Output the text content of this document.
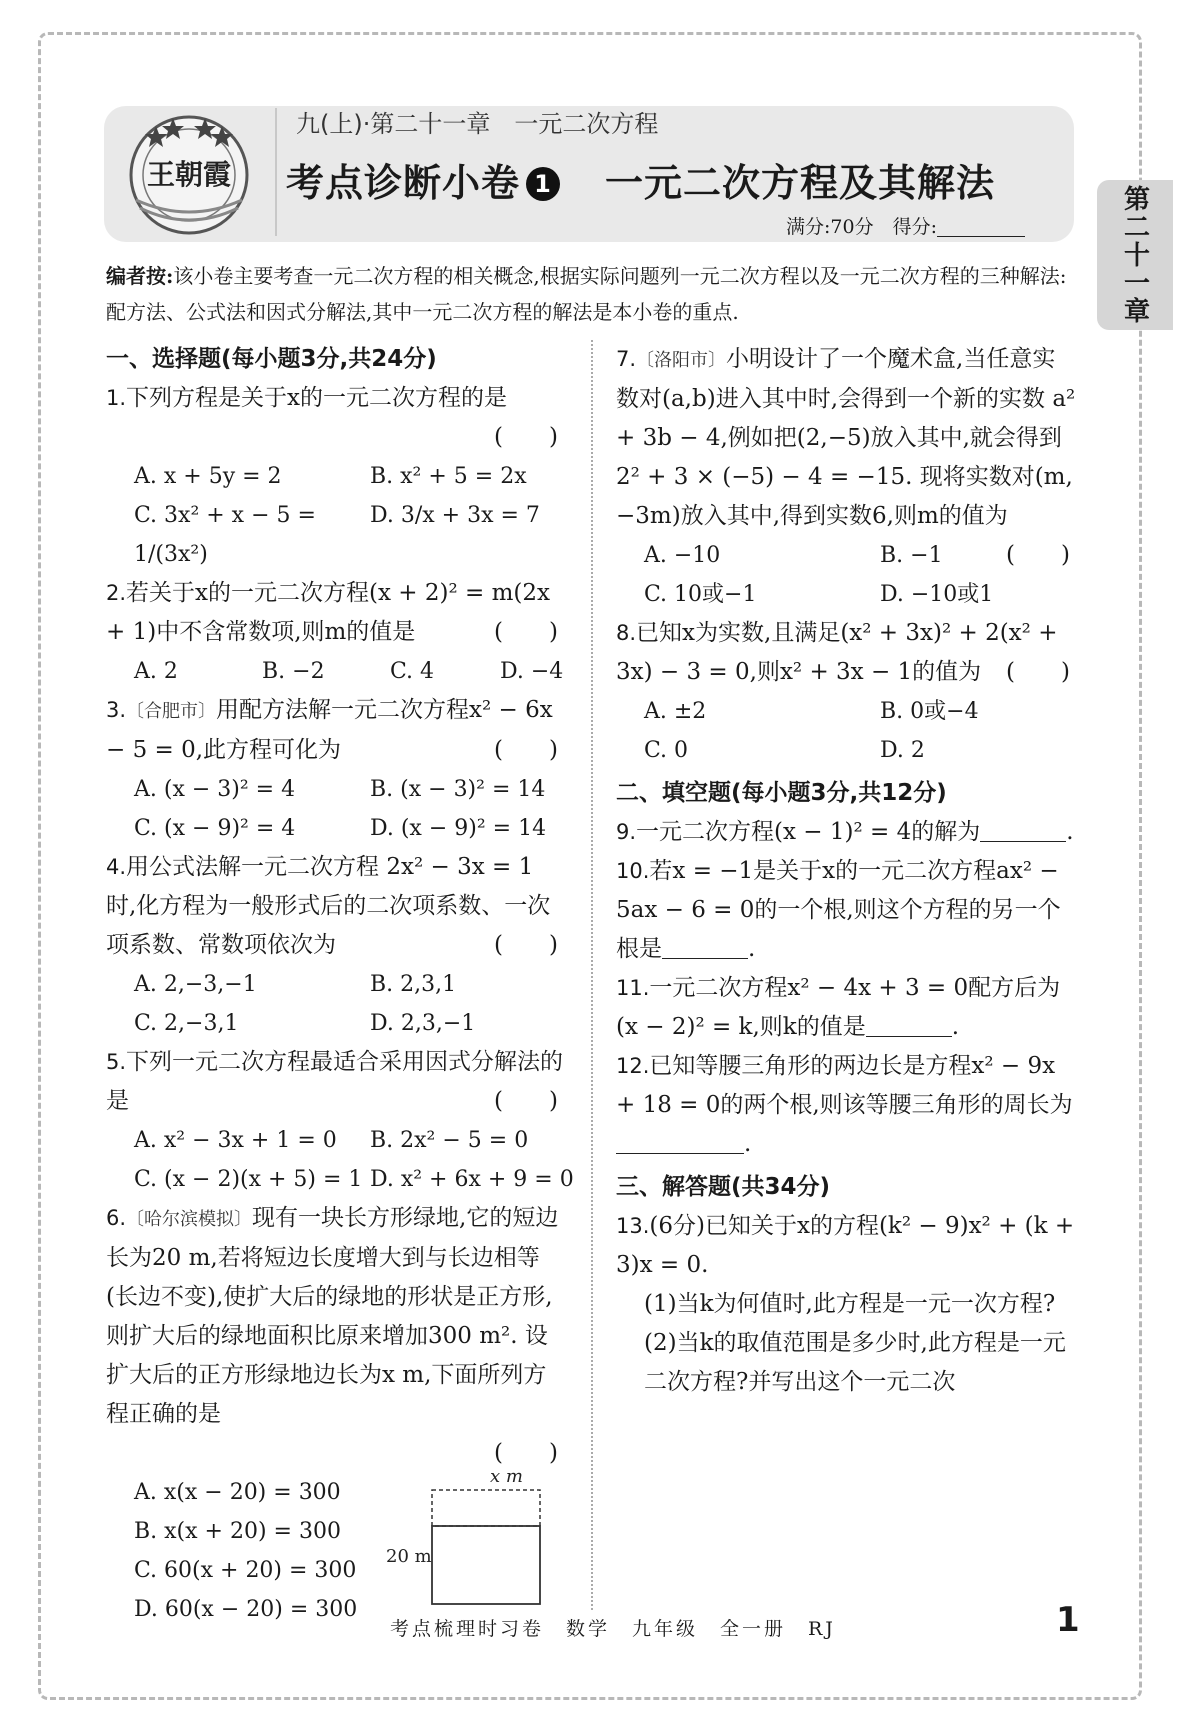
九(上)·第二十一章　一元二次方程
王朝霞 考点诊断小卷 1　 一元二次方程及其解法
满分:70分　 得分:	第二十一章
编者按:该小卷主要考查一元二次方程的相关概念,根据实际问题列一元二次方程以及一元二次方程的三种解法:配方法、公式法和因式分解法,其中一元二次方程的解法是本小卷的重点.
一、选择题(每小题3分,共24分)
1.下列方程是关于x的一元二次方程的是
(　　)
A. x + 5y = 2	B. x² + 5 = 2x
C. 3x² + x − 5 = 1/(3x²)
D. 3/x + 3x = 7
2.若关于x的一元二次方程(x + 2)² = m(2x + 1)中不含常数项,则m的值是	(　　)
A. 2	B. −2	C. 4	D. −4
3.〔合肥市〕用配方法解一元二次方程x² − 6x − 5 = 0,此方程可化为	(　　)
A. (x − 3)² = 4	B. (x − 3)² = 14
C. (x − 9)² = 4	D. (x − 9)² = 14
4.用公式法解一元二次方程 2x² − 3x = 1 时,化方程为一般形式后的二次项系数、一次项系数、常数项依次为	(　　)
A. 2,−3,−1	B. 2,3,1
C. 2,−3,1	D. 2,3,−1
5.下列一元二次方程最适合采用因式分解法的是	(　　)
A. x² − 3x + 1 = 0	B. 2x² − 5 = 0
C. (x − 2)(x + 5) = 1 D. x² + 6x + 9 = 0
6.〔哈尔滨模拟〕现有一块长方形绿地,它的短边长为20 m,若将短边长度增大到与长边相等(长边不变),使扩大后的绿地的形状是正方形,则扩大后的绿地面积比原来增加300 m². 设扩大后的正方形绿地边长为x m,下面所列方程正确的是
(　　)
A. x(x − 20) = 300
B. x(x + 20) = 300
C. 60(x + 20) = 300
D. 60(x − 20) = 300
x m
20 m
7.〔洛阳市〕小明设计了一个魔术盒,当任意实数对(a,b)进入其中时,会得到一个新的实数 a² + 3b − 4,例如把(2,−5)放入其中,就会得到 2² + 3 × (−5) − 4 = −15. 现将实数对(m,−3m)放入其中,得到实数6,则m的值为
(　　)
A. −10	B. −1
C. 10或−1	D. −10或1
8.已知x为实数,且满足(x² + 3x)² + 2(x² + 3x) − 3 = 0,则x² + 3x − 1的值为 (　　)
A. ±2	B. 0或−4
C. 0	D. 2
二、填空题(每小题3分,共12分)
9.一元二次方程(x − 1)² = 4的解为	.
10.若x = −1是关于x的一元二次方程ax² − 5ax − 6 = 0的一个根,则这个方程的另一个根是	.
11.一元二次方程x² − 4x + 3 = 0配方后为(x − 2)² = k,则k的值是	.
12.已知等腰三角形的两边长是方程x² − 9x + 18 = 0的两个根,则该等腰三角形的周长为.
三、解答题(共34分)
13.(6分)已知关于x的方程(k² − 9)x² + (k + 3)x = 0.
(1)当k为何值时,此方程是一元一次方程?
(2)当k的取值范围是多少时,此方程是一元二次方程?并写出这个一元二次
考点梳理时习卷　数学　九年级　全一册　RJ	1
